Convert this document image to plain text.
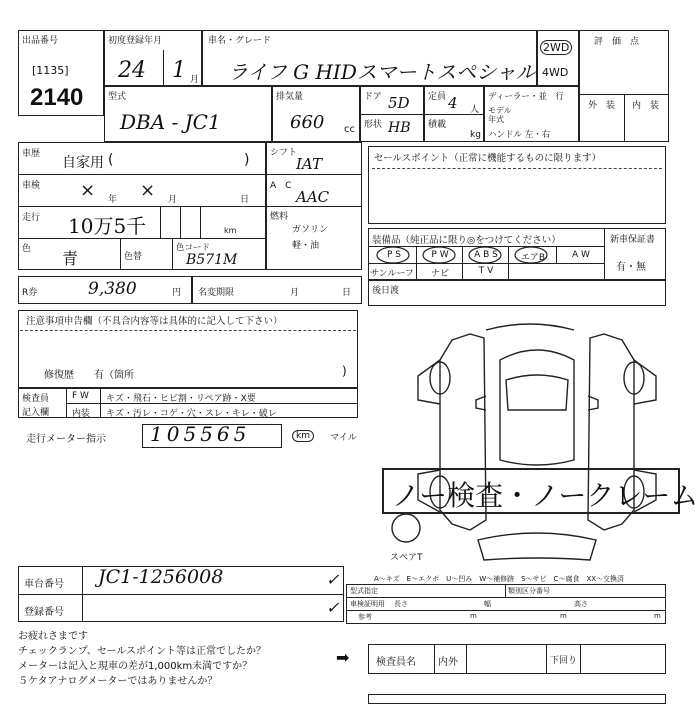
出品番号
[1135]
2140
初度登録年月
24 1 月
車名・グレード
ライフ G HIDスマートスペシャル
2WD
4WD
評　価　点
外　装 内　装
型式
DBA - JC1
排気量
660 cc
ドア 5D
形状 HB
定員 4 人
積載
kg
ディーラー・並　行
モデル年式
ハンドル 左・右
車歴
自家用 (	)
車検 × 年 × 月	日
走行 10万5千	km
色 青	色替
色コード
B571M
シフト
IAT
A　C
AAC
燃料
ガソリン
軽・油
セールスポイント（正常に機能するものに限ります）
装備品（純正品に限り◎をつけてください）	新車保証書
有・無
P S	P W	A B S	エアB	A W
サンルーフ	ナビ	T V
R券	9,380	円 名変期限	月	日 後日渡
注意事項申告欄（不具合内容等は具体的に記入して下さい）
修復歴　　有（箇所	)
検査員
記入欄
F W キズ・飛石・ヒビ割・リペア跡・X要
内装 キズ・汚レ・コゲ・穴・スレ・キレ・破レ
走行メーター指示 105565	km	マイル
スペアT
ノー検査・ノークレーム
A～キズ　E～エクボ　U～凹み　W～補修跡　S～サビ　C～腐食　XX～交換済
車台番号 JC1-1256008
登録番号
✓
✓
型式指定	類別区分番号
車検証明用 長さ	幅	高さ
参考	m	m	m
お疲れさまです
チェックランプ、セールスポイント等は正常でしたか？
メーターは記入と現車の差が1,000km未満ですか？
５ケタアナログメーターではありませんか？
➡	検査員名 内外	下回り
